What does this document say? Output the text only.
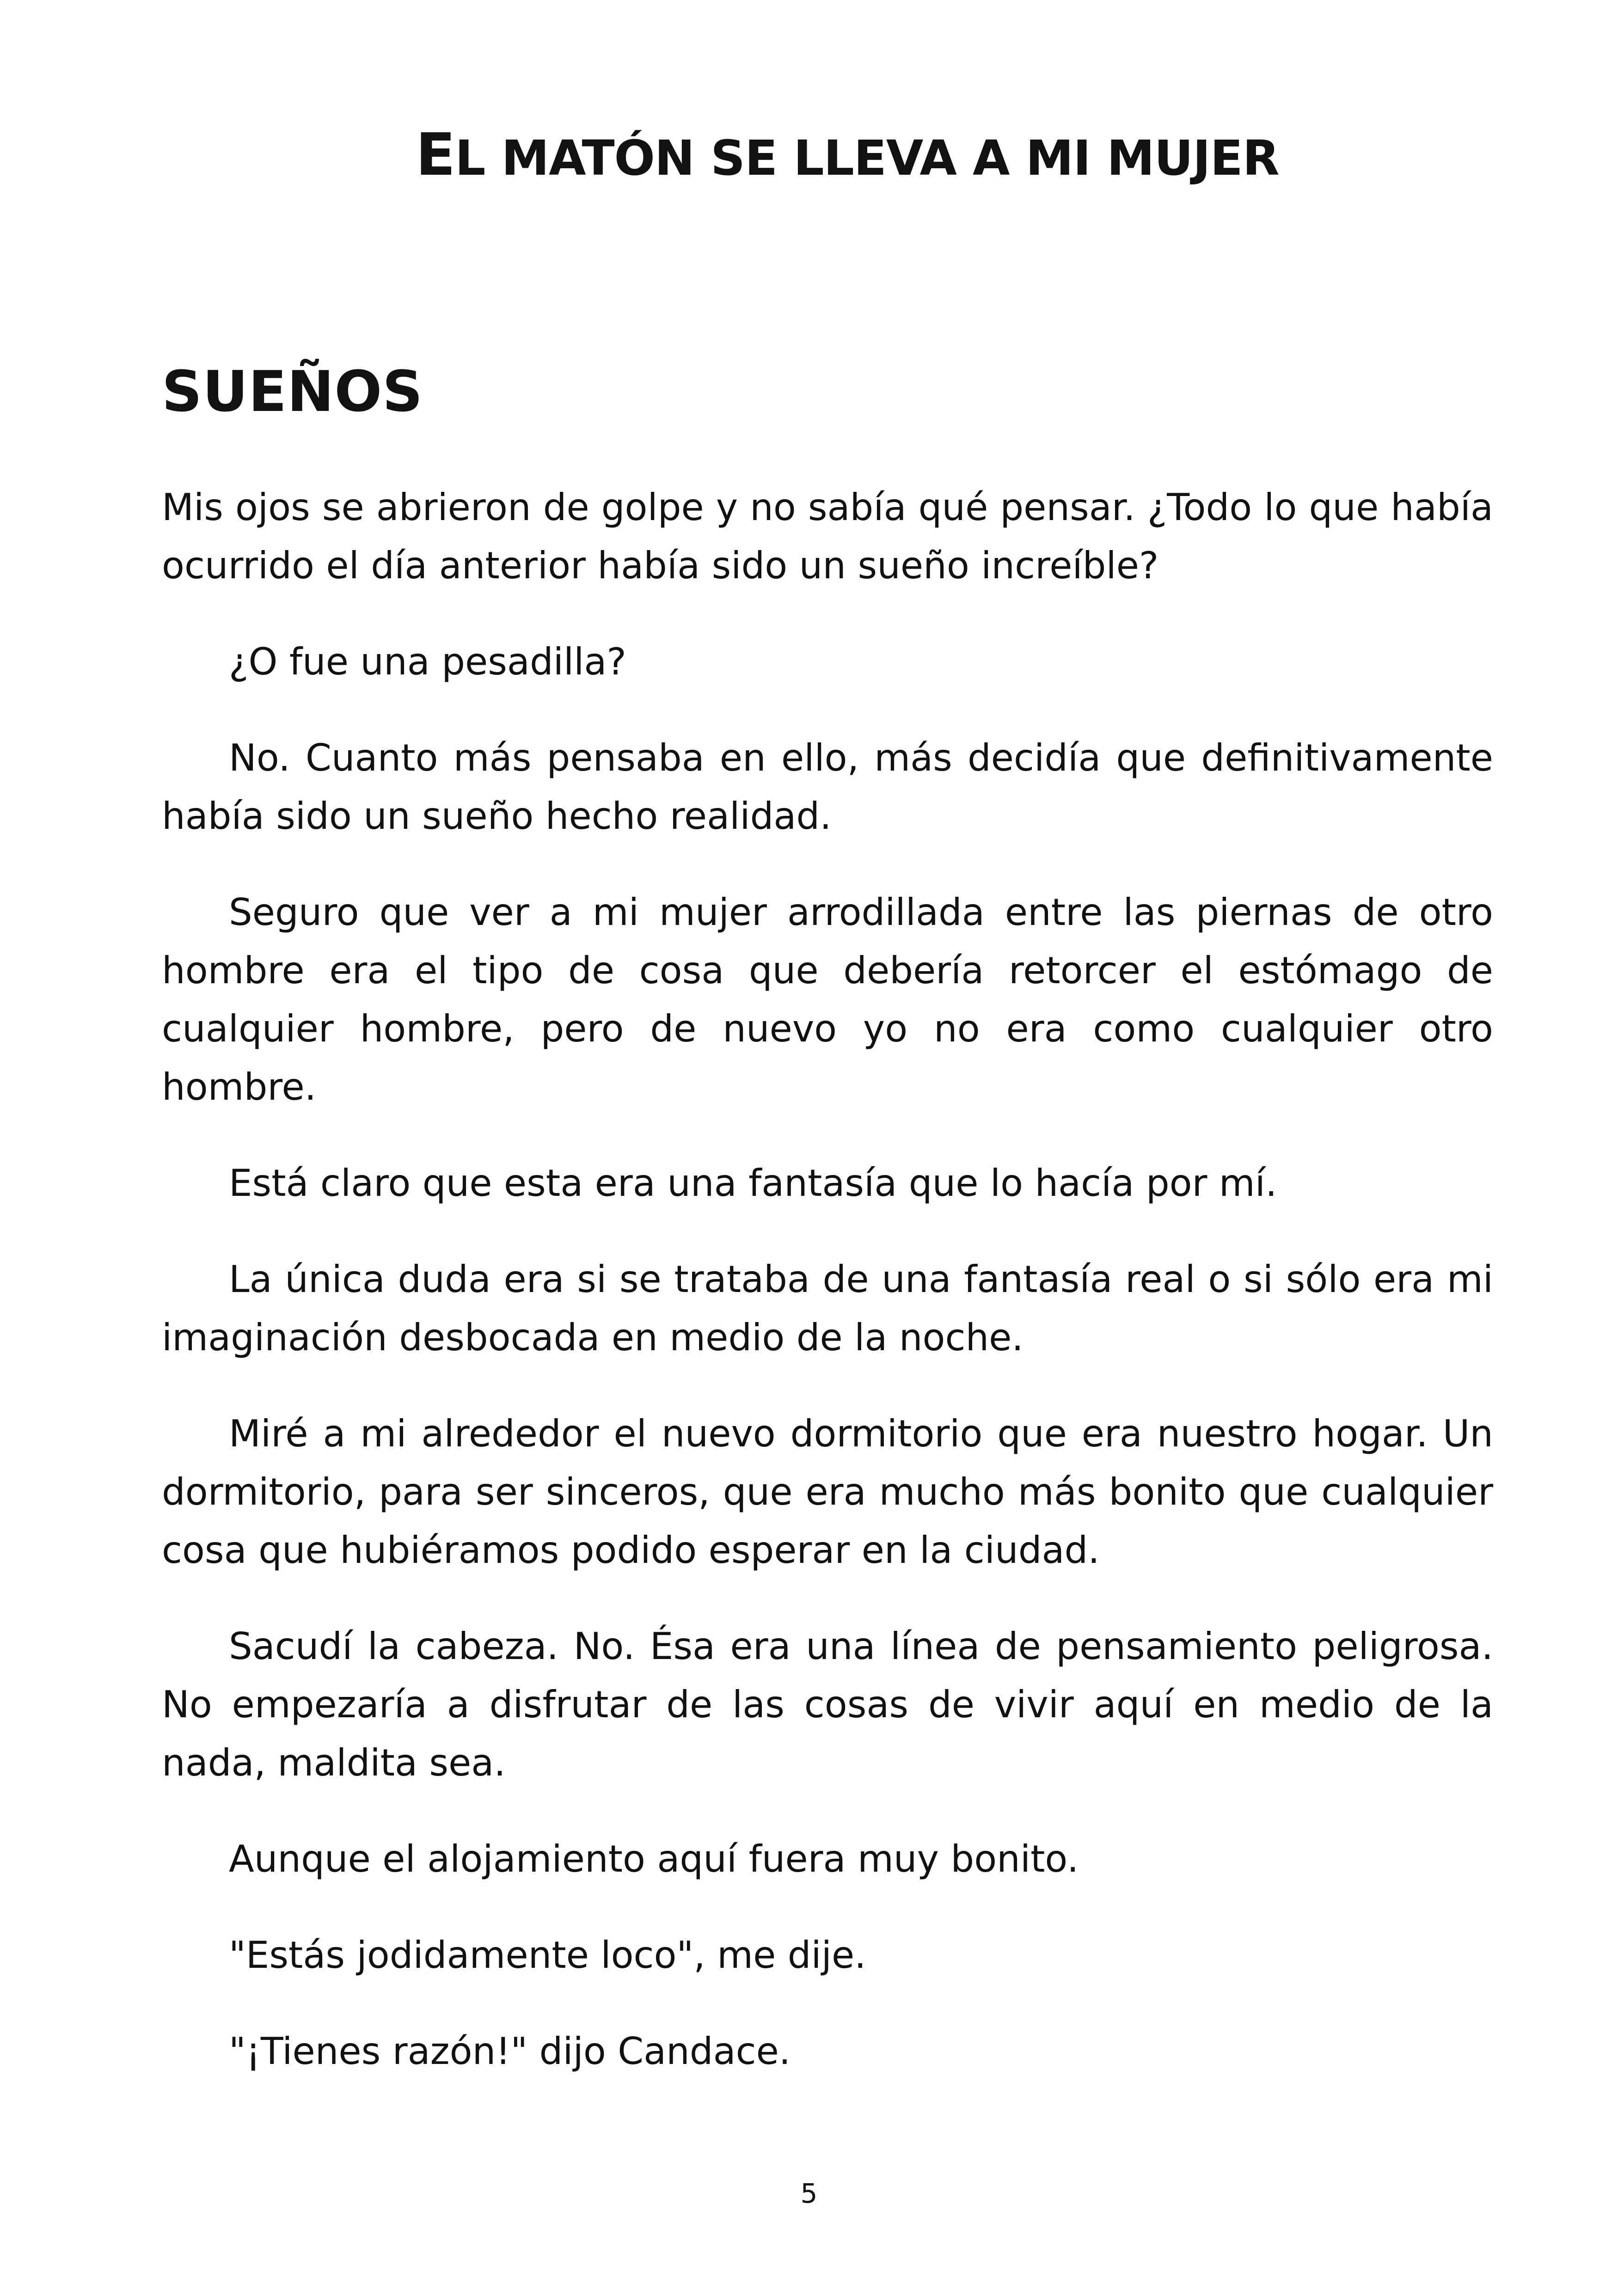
EL MATÓN SE LLEVA A MI MUJER
SUEÑOS

Mis ojos se abrieron de golpe y no sabía qué pensar. ¿Todo lo que había ocurrido el día anterior había sido un sueño increíble?

¿O fue una pesadilla?

No. Cuanto más pensaba en ello, más decidía que definitivamente había sido un sueño hecho realidad.

Seguro que ver a mi mujer arrodillada entre las piernas de otro hombre era el tipo de cosa que debería retorcer el estómago de cualquier hombre, pero de nuevo yo no era como cualquier otro hombre.

Está claro que esta era una fantasía que lo hacía por mí.

La única duda era si se trataba de una fantasía real o si sólo era mi imaginación desbocada en medio de la noche.

Miré a mi alrededor el nuevo dormitorio que era nuestro hogar. Un dormitorio, para ser sinceros, que era mucho más bonito que cualquier cosa que hubiéramos podido esperar en la ciudad.

Sacudí la cabeza. No. Ésa era una línea de pensamiento peligrosa. No empezaría a disfrutar de las cosas de vivir aquí en medio de la nada, maldita sea.

Aunque el alojamiento aquí fuera muy bonito.

"Estás jodidamente loco", me dije.

"¡Tienes razón!" dijo Candace.

5
